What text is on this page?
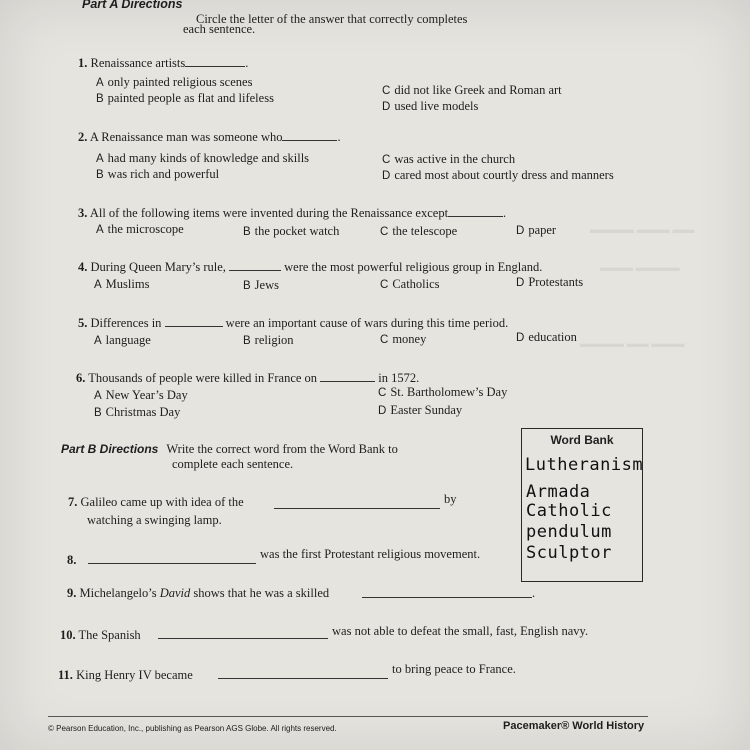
▬▬▬▬ ▬▬▬ ▬▬
▬▬▬ ▬▬▬▬
▬▬▬▬ ▬▬ ▬▬▬
Part A Directions
Circle the letter of the answer that correctly completes
each sentence.
1. Renaissance artists	.
A only painted religious scenes
B painted people as flat and lifeless	C did not like Greek and Roman art
D used live models
2. A Renaissance man was someone who	.
A had many kinds of knowledge and skills
B was rich and powerful
C was active in the church
D cared most about courtly dress and manners
3. All of the following items were invented during the Renaissance except	.
A the microscope	B the pocket watch	C the telescope	D paper
4. During Queen Mary’s rule,	were the most powerful religious group in England.
A Muslims	B Jews	C Catholics	D Protestants
5. Differences in	were an important cause of wars during this time period.
A language	B religion	C money	D education
6. Thousands of people were killed in France on	in 1572.
A New Year’s Day
B Christmas Day
C St. Bartholomew’s Day
D Easter Sunday
Part B Directions Write the correct word from the Word Bank to
complete each sentence.
Word Bank
Lutheranism
Armada
Catholic
pendulum
Sculptor
7. Galileo came up with idea of the	by
watching a swinging lamp.
8.	was the first Protestant religious movement.
9. Michelangelo’s David shows that he was a skilled	.
10. The Spanish	was not able to defeat the small, fast, English navy.
11. King Henry IV became	to bring peace to France.
© Pearson Education, Inc., publishing as Pearson AGS Globe. All rights reserved.	Pacemaker® World History
